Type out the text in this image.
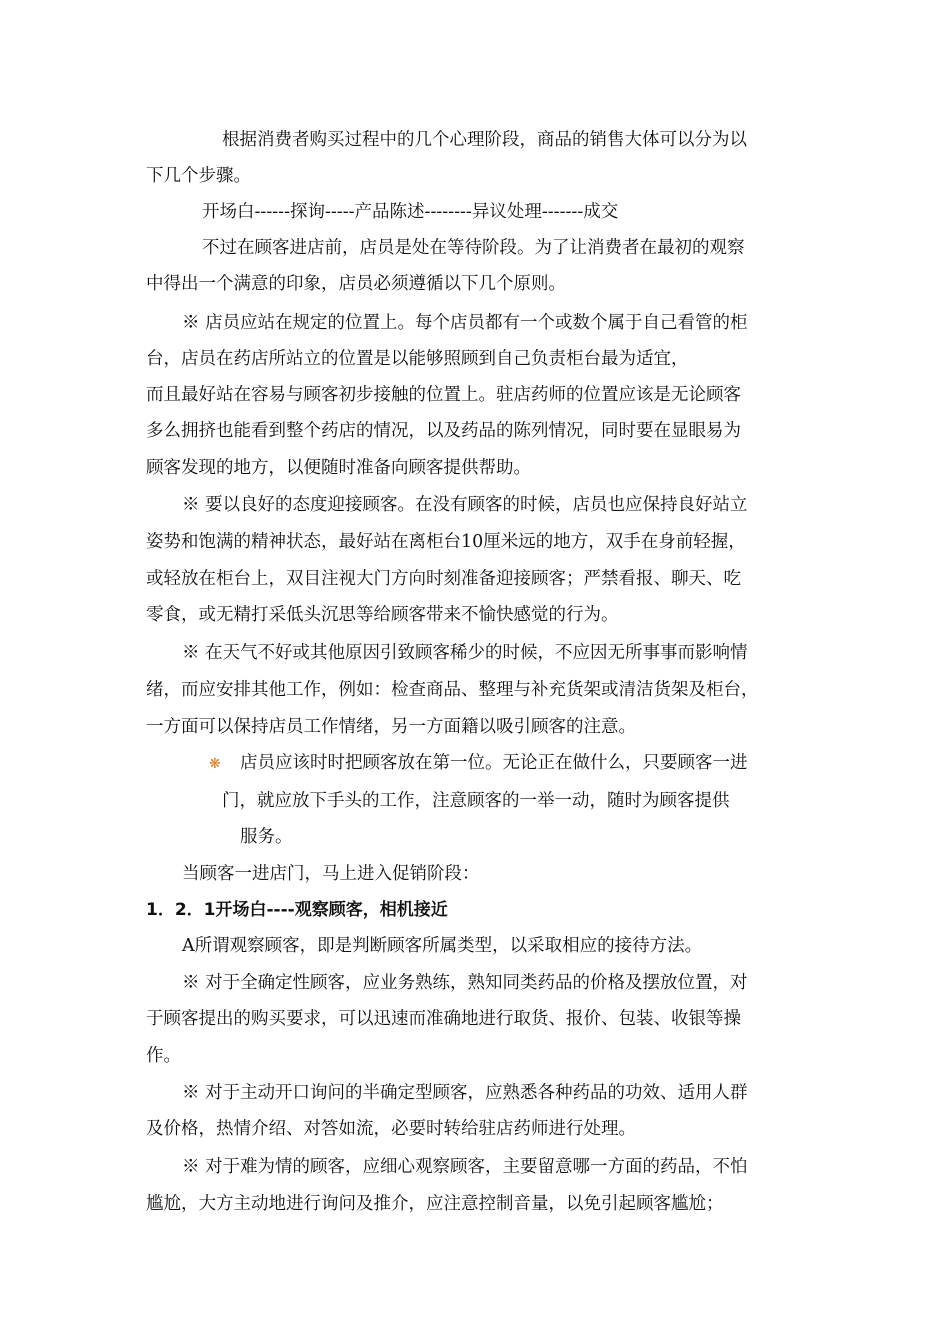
根据消费者购买过程中的几个心理阶段，商品的销售大体可以分为以
下几个步骤。
开场白------探询-----产品陈述--------异议处理-------成交
不过在顾客进店前，店员是处在等待阶段。为了让消费者在最初的观察
中得出一个满意的印象，店员必须遵循以下几个原则。
※ 店员应站在规定的位置上。每个店员都有一个或数个属于自己看管的柜
台，店员在药店所站立的位置是以能够照顾到自己负责柜台最为适宜，
而且最好站在容易与顾客初步接触的位置上。驻店药师的位置应该是无论顾客
多么拥挤也能看到整个药店的情况，以及药品的陈列情况，同时要在显眼易为
顾客发现的地方，以便随时准备向顾客提供帮助。
※ 要以良好的态度迎接顾客。在没有顾客的时候，店员也应保持良好站立
姿势和饱满的精神状态，最好站在离柜台10厘米远的地方，双手在身前轻握，
或轻放在柜台上，双目注视大门方向时刻准备迎接顾客；严禁看报、聊天、吃
零食，或无精打采低头沉思等给顾客带来不愉快感觉的行为。
※ 在天气不好或其他原因引致顾客稀少的时候，不应因无所事事而影响情
绪，而应安排其他工作，例如：检查商品、整理与补充货架或清洁货架及柜台，
一方面可以保持店员工作情绪，另一方面籍以吸引顾客的注意。
❋ 店员应该时时把顾客放在第一位。无论正在做什么，只要顾客一进
门，就应放下手头的工作，注意顾客的一举一动，随时为顾客提供
服务。
当顾客一进店门，马上进入促销阶段：
1．2．1开场白----观察顾客，相机接近
A所谓观察顾客，即是判断顾客所属类型，以采取相应的接待方法。
※ 对于全确定性顾客，应业务熟练，熟知同类药品的价格及摆放位置，对
于顾客提出的购买要求，可以迅速而准确地进行取货、报价、包装、收银等操
作。
※ 对于主动开口询问的半确定型顾客，应熟悉各种药品的功效、适用人群
及价格，热情介绍、对答如流，必要时转给驻店药师进行处理。
※ 对于难为情的顾客，应细心观察顾客，主要留意哪一方面的药品，不怕
尴尬，大方主动地进行询问及推介，应注意控制音量，以免引起顾客尴尬；
